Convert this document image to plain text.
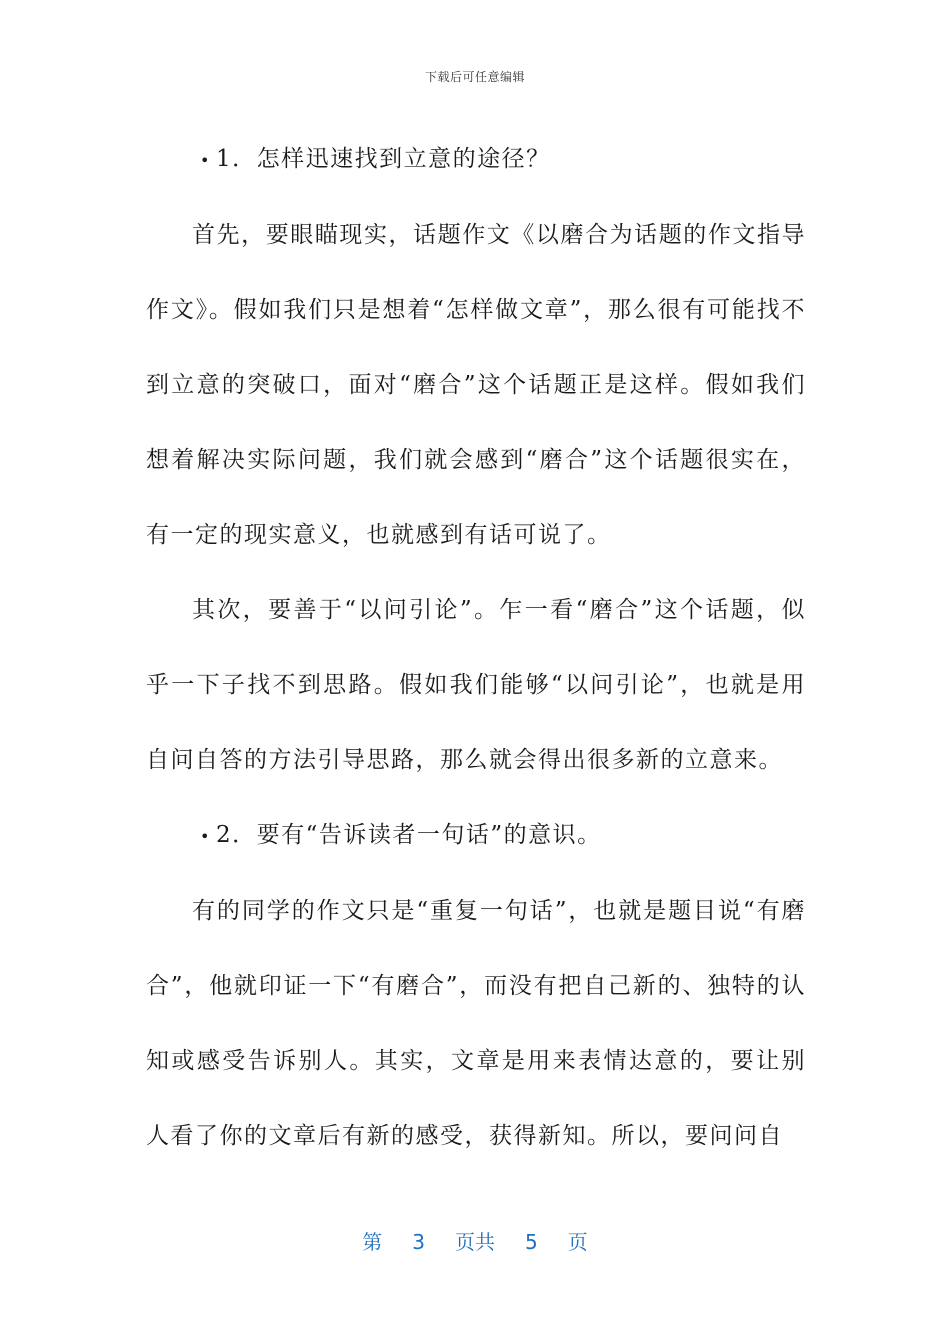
下载后可任意编辑

• 1．怎样迅速找到立意的途径？

首先，要眼瞄现实，话题作文《以磨合为话题的作文指导作文》。假如我们只是想着“怎样做文章”，那么很有可能找不到立意的突破口，面对“磨合”这个话题正是这样。假如我们想着解决实际问题，我们就会感到“磨合”这个话题很实在，有一定的现实意义，也就感到有话可说了。

其次，要善于“以问引论”。乍一看“磨合”这个话题，似乎一下子找不到思路。假如我们能够“以问引论”，也就是用自问自答的方法引导思路，那么就会得出很多新的立意来。

• 2．要有“告诉读者一句话”的意识。

有的同学的作文只是“重复一句话”，也就是题目说“有磨合”，他就印证一下“有磨合”，而没有把自己新的、独特的认知或感受告诉别人。其实，文章是用来表情达意的，要让别人看了你的文章后有新的感受，获得新知。所以，要问问自

第 3 页共 5 页
